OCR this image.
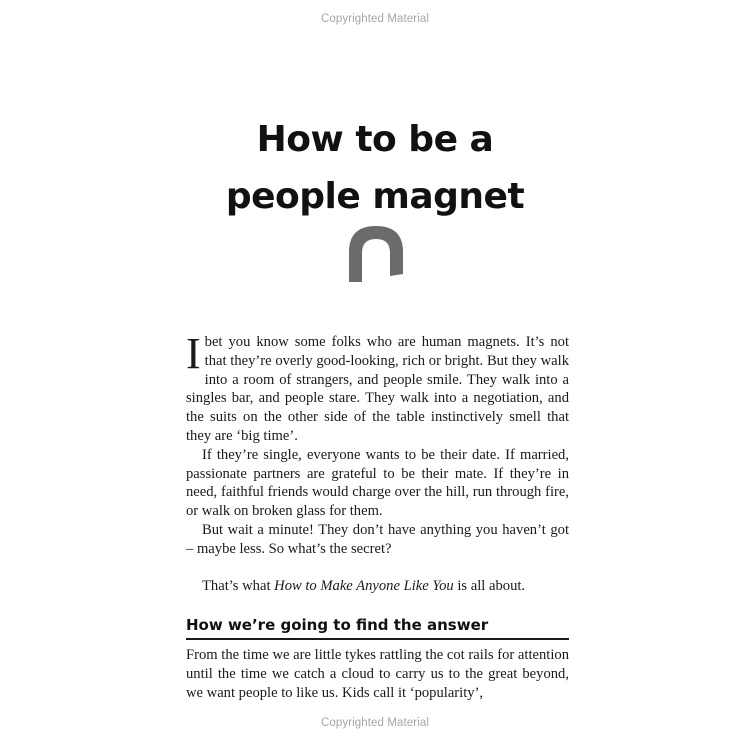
Copyrighted Material
How to be a
people magnet

Ibet you know some folks who are human magnets. It’s not that they’re overly good-looking, rich or bright. But they walk into a room of strangers, and people smile. They walk into a singles bar, and people stare. They walk into a negotiation, and the suits on the other side of the table instinctively smell that they are ‘big time’.

If they’re single, everyone wants to be their date. If married, passionate partners are grateful to be their mate. If they’re in need, faithful friends would charge over the hill, run through fire, or walk on broken glass for them.

But wait a minute! They don’t have anything you haven’t got – maybe less. So what’s the secret?

That’s what How to Make Anyone Like You is all about.

How we’re going to find the answer

From the time we are little tykes rattling the cot rails for attention until the time we catch a cloud to carry us to the great beyond, we want people to like us. Kids call it ‘popularity’,

Copyrighted Material
